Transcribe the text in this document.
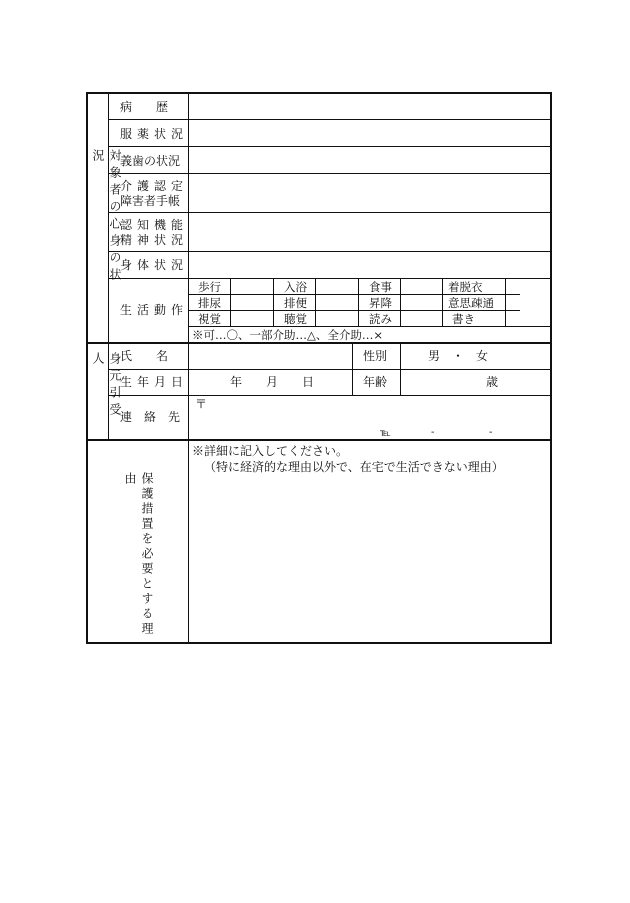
対象者の心身の状況
身元引受人
保護措置を必要とする理由
病　　歴
服薬状況
義歯の状況
介護認定
障害者手帳
認知機能
精神状況
身体状況
生活動作
歩行	入浴	食事	着脱衣
排尿	排便	昇降	意思疎通
視覚	聴覚	読み	書き
※可…〇、一部介助…△、全介助…×
氏　　名	性別	男　・　女
生年月日	年　　月　　日	年齢	歳
連絡先
〒
℡	-	-
※詳細に記入してください。
（特に経済的な理由以外で、在宅で生活できない理由）
